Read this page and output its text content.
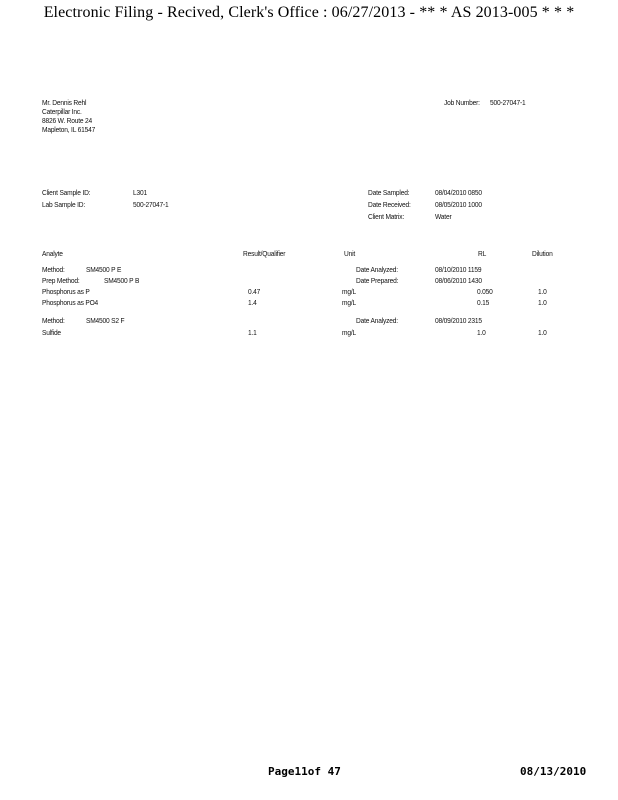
Electronic Filing - Recived, Clerk's Office : 06/27/2013 - ** * AS 2013-005 * * *
Mr. Dennis Rehl
Caterpillar Inc.
8826 W. Route 24
Mapleton, IL 61547
Job Number: 500-27047-1
Client Sample ID:	L301
Lab Sample ID:	500-27047-1
Date Sampled:	08/04/2010 0850
Date Received:	08/05/2010 1000
Client Matrix:	Water
Analyte	Result/Qualifier	Unit	RL	Dilution
Method:	SM4500 P E	Date Analyzed:	08/10/2010 1159
Prep Method:	SM4500 P B	Date Prepared:	08/06/2010 1430
Phosphorus as P	0.47	mg/L	0.050	1.0
Phosphorus as PO4	1.4	mg/L	0.15	1.0
Method:	SM4500 S2 F	Date Analyzed:	08/09/2010 2315
Sulfide	1.1	mg/L	1.0	1.0
Page11of 47	08/13/2010
